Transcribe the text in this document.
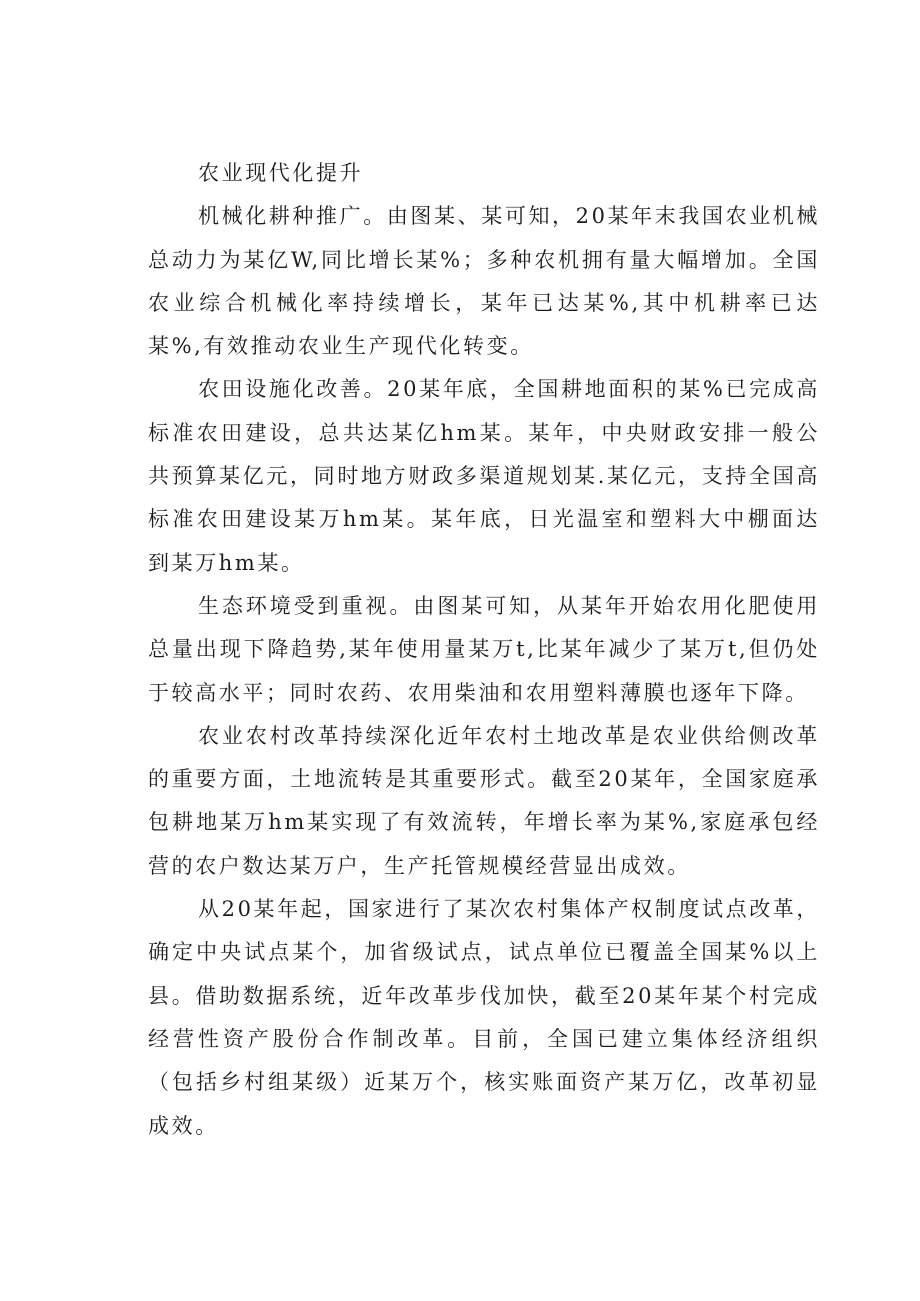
农业现代化提升

机械化耕种推广。由图某、某可知，20某年末我国农业机械总动力为某亿W,同比增长某%；多种农机拥有量大幅增加。全国农业综合机械化率持续增长，某年已达某%,其中机耕率已达某%,有效推动农业生产现代化转变。

农田设施化改善。20某年底，全国耕地面积的某%已完成高标准农田建设，总共达某亿hm某。某年，中央财政安排一般公共预算某亿元，同时地方财政多渠道规划某.某亿元，支持全国高标准农田建设某万hm某。某年底，日光温室和塑料大中棚面达到某万hm某。

生态环境受到重视。由图某可知，从某年开始农用化肥使用总量出现下降趋势,某年使用量某万t,比某年减少了某万t,但仍处于较高水平；同时农药、农用柴油和农用塑料薄膜也逐年下降。

农业农村改革持续深化近年农村土地改革是农业供给侧改革的重要方面，土地流转是其重要形式。截至20某年，全国家庭承包耕地某万hm某实现了有效流转，年增长率为某%,家庭承包经营的农户数达某万户，生产托管规模经营显出成效。

从20某年起，国家进行了某次农村集体产权制度试点改革，确定中央试点某个，加省级试点，试点单位已覆盖全国某%以上县。借助数据系统，近年改革步伐加快，截至20某年某个村完成经营性资产股份合作制改革。目前，全国已建立集体经济组织（包括乡村组某级）近某万个，核实账面资产某万亿，改革初显成效。
